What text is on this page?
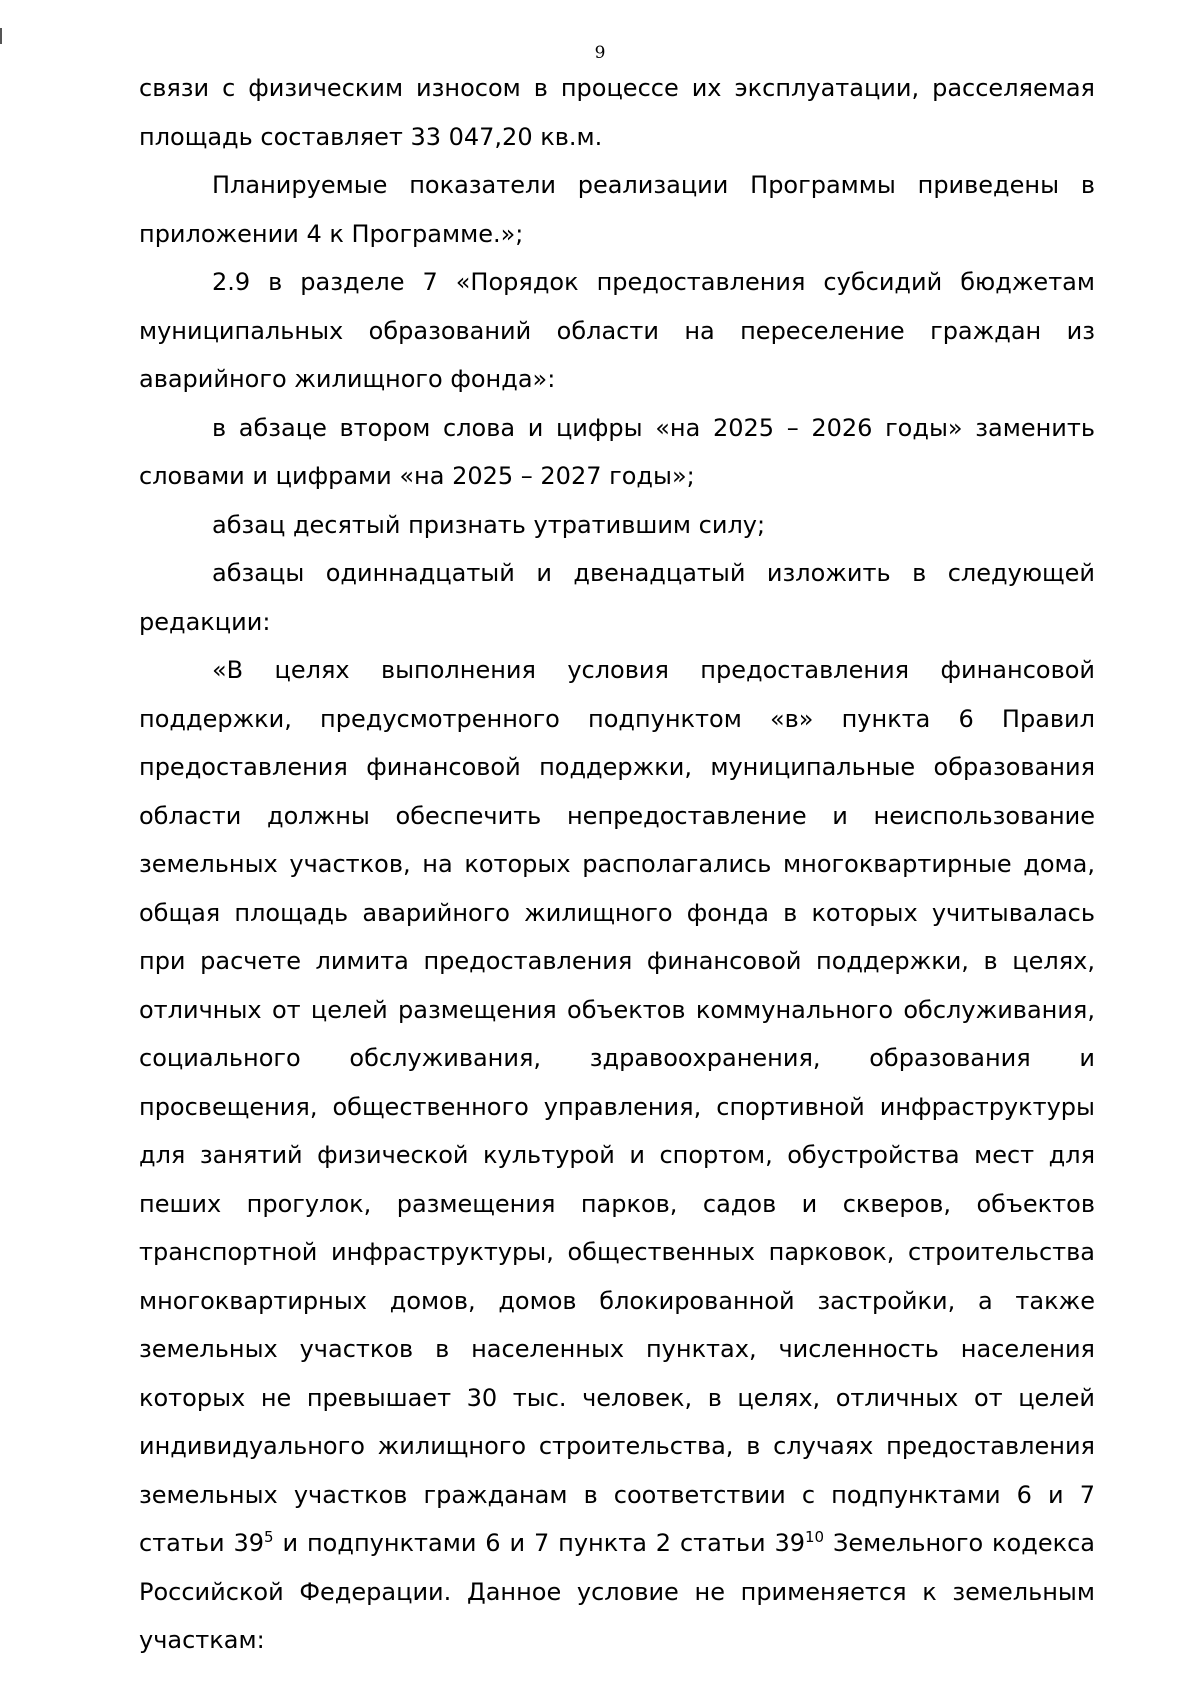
9

связи с физическим износом в процессе их эксплуатации, расселяемая площадь составляет 33 047,20 кв.м.

Планируемые показатели реализации Программы приведены в приложении 4 к Программе.»;

2.9 в разделе 7 «Порядок предоставления субсидий бюджетам муниципальных образований области на переселение граждан из аварийного жилищного фонда»:

в абзаце втором слова и цифры «на 2025 – 2026 годы» заменить словами и цифрами «на 2025 – 2027 годы»;

абзац десятый признать утратившим силу;

абзацы одиннадцатый и двенадцатый изложить в следующей редакции:

«В целях выполнения условия предоставления финансовой поддержки, предусмотренного подпунктом «в» пункта 6 Правил предоставления финансовой поддержки, муниципальные образования области должны обеспечить непредоставление и неиспользование земельных участков, на которых располагались многоквартирные дома, общая площадь аварийного жилищного фонда в которых учитывалась при расчете лимита предоставления финансовой поддержки, в целях, отличных от целей размещения объектов коммунального обслуживания, социального обслуживания, здравоохранения, образования и просвещения, общественного управления, спортивной инфраструктуры для занятий физической культурой и спортом, обустройства мест для пеших прогулок, размещения парков, садов и скверов, объектов транспортной инфраструктуры, общественных парковок, строительства многоквартирных домов, домов блокированной застройки, а также земельных участков в населенных пунктах, численность населения которых не превышает 30 тыс. человек, в целях, отличных от целей индивидуального жилищного строительства, в случаях предоставления земельных участков гражданам в соответствии с подпунктами 6 и 7 статьи $39^5$ и подпунктами 6 и 7 пункта 2 статьи $39^{10}$ Земельного кодекса Российской Федерации. Данное условие не применяется к земельным участкам:
